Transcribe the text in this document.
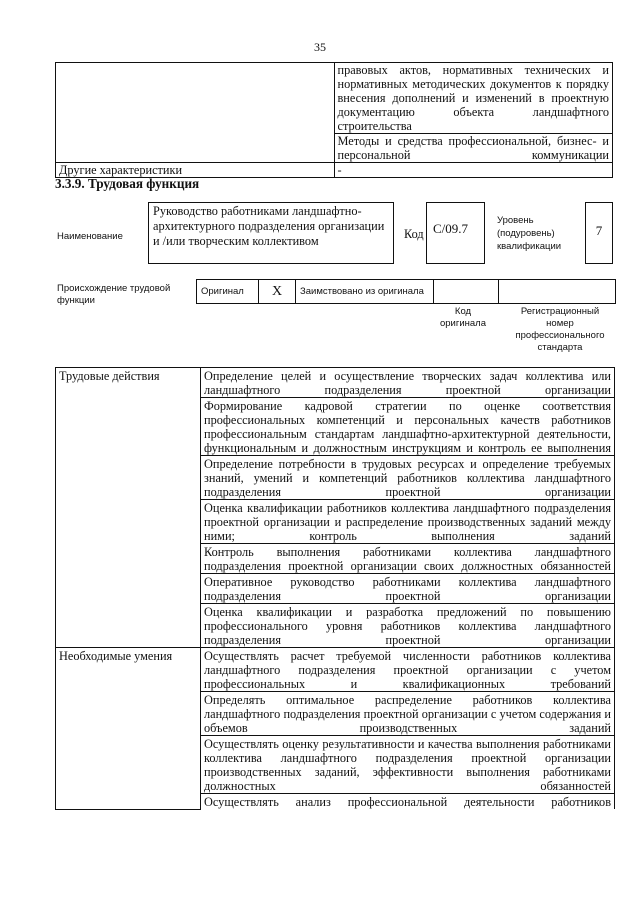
35
	правовых актов, нормативных технических и нормативных методических документов к порядку внесения дополнений и изменений в проектную документацию объекта ландшафтного строительства
	Методы и средства профессиональной, бизнес- и персональной коммуникации
Другие характеристики	-
3.3.9. Трудовая функция
Наименование
Руководство работниками ландшафтно-архитектурного подразделения организации и /или творческим коллективом	Код C/09.7
Уровень (подуровень) квалификации
7
Происхождение трудовой функции
Оригинал	X	Заимствовано из оригинала		
Код оригинала
Регистрационный номер профессионального стандарта
Трудовые действия	Определение целей и осуществление творческих задач коллектива или ландшафтного подразделения проектной организации
	Формирование кадровой стратегии по оценке соответствия профессиональных компетенций и персональных качеств работников профессиональным стандартам ландшафтно-архитектурной деятельности, функциональным и должностным инструкциям и контроль ее выполнения
	Определение потребности в трудовых ресурсах и определение требуемых знаний, умений и компетенций работников коллектива ландшафтного подразделения проектной организации
	Оценка квалификации работников коллектива ландшафтного подразделения проектной организации и распределение производственных заданий между ними; контроль выполнения заданий
	Контроль выполнения работниками коллектива ландшафтного подразделения проектной организации своих должностных обязанностей
	Оперативное руководство работниками коллектива ландшафтного подразделения проектной организации
	Оценка квалификации и разработка предложений по повышению профессионального уровня работников коллектива ландшафтного подразделения проектной организации
Необходимые умения	Осуществлять расчет требуемой численности работников коллектива ландшафтного подразделения проектной организации с учетом профессиональных и квалификационных требований
	Определять оптимальное распределение работников коллектива ландшафтного подразделения проектной организации с учетом содержания и объемов производственных заданий
	Осуществлять оценку результативности и качества выполнения работниками коллектива ландшафтного подразделения проектной организации производственных заданий, эффективности выполнения работниками должностных обязанностей
	Осуществлять анализ профессиональной деятельности работников
